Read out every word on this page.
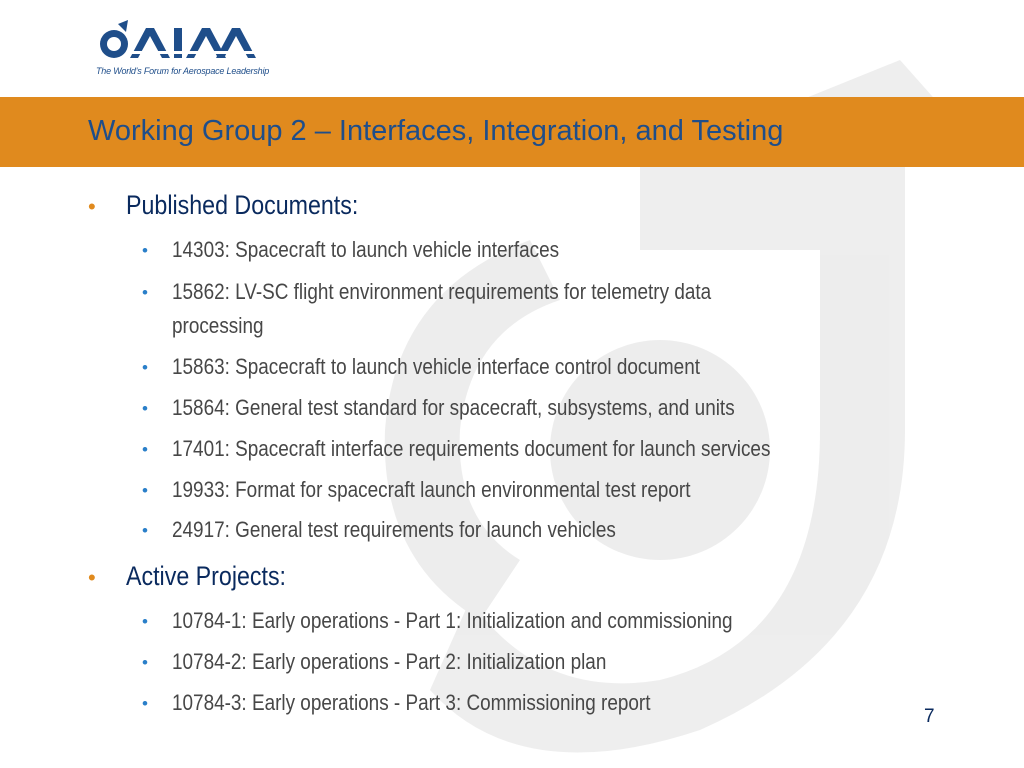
The World's Forum for Aerospace Leadership
Working Group 2 – Interfaces, Integration, and Testing
• Published Documents:
• 14303: Spacecraft to launch vehicle interfaces
• 15862: LV-SC flight environment requirements for telemetry data
processing
• 15863: Spacecraft to launch vehicle interface control document
• 15864: General test standard for spacecraft, subsystems, and units
• 17401: Spacecraft interface requirements document for launch services
• 19933: Format for spacecraft launch environmental test report
• 24917: General test requirements for launch vehicles
• Active Projects:
• 10784-1: Early operations - Part 1: Initialization and commissioning
• 10784-2: Early operations - Part 2: Initialization plan
• 10784-3: Early operations - Part 3: Commissioning report
7
